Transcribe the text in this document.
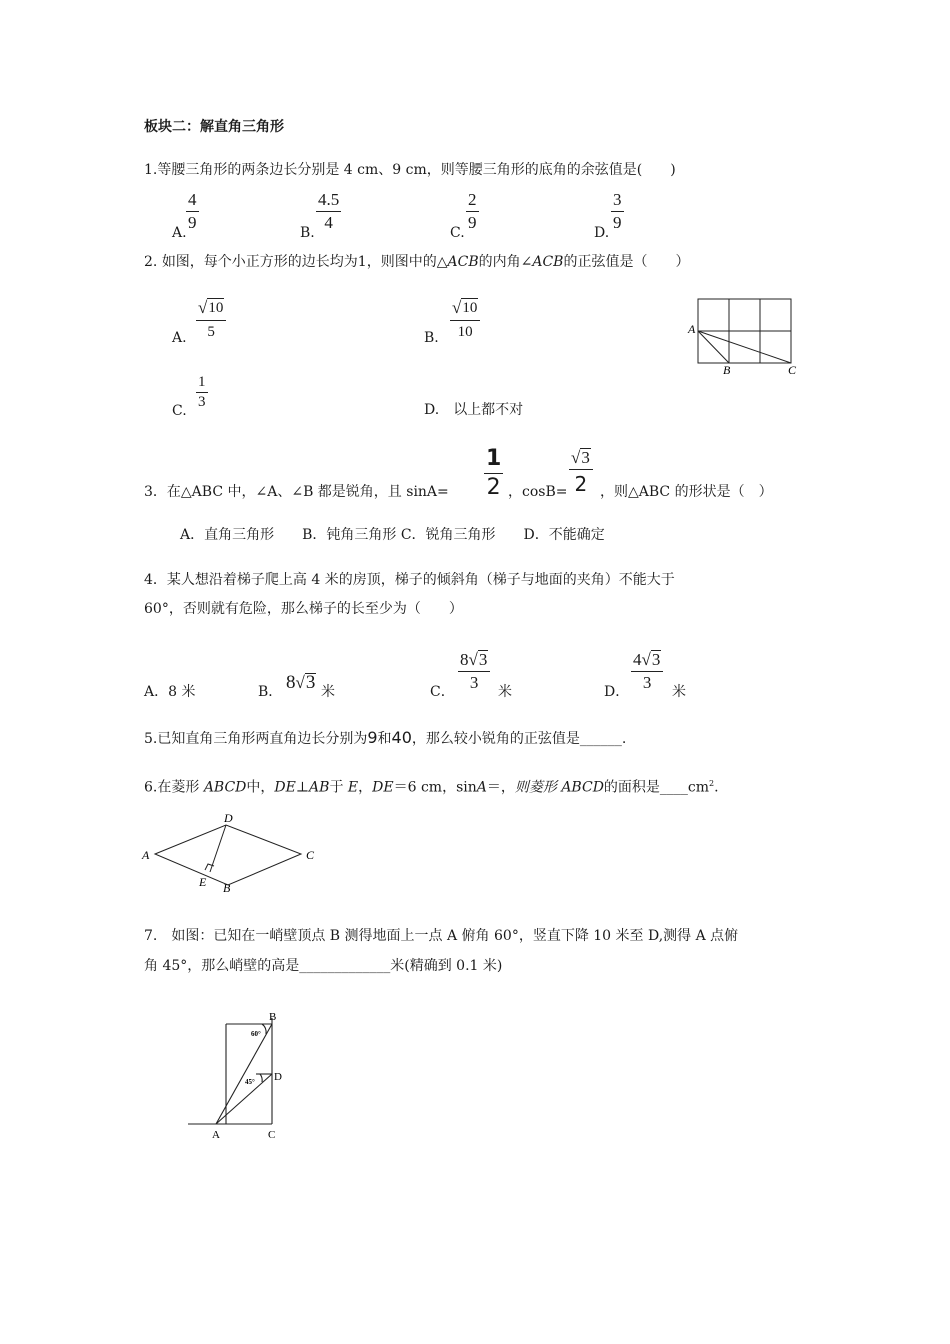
板块二：解直角三角形
1.等腰三角形的两条边长分别是 4 cm、9 cm，则等腰三角形的底角的余弦值是(　　)
A. $\frac{4}{9}$	B. $\frac{4.5}{4}$	C. $\frac{2}{9}$	D. $\frac{3}{9}$
2. 如图，每个小正方形的边长均为1，则图中的△ACB的内角∠ACB的正弦值是（　　）
A. $\frac{√ 10}{5}$	B. $\frac{√ 10}{10}$
C. $\frac{1}{3}$	D.　 以上都不对
A
B	C
3．在△ABC 中，∠A、∠B 都是锐角，且 $\sin A= \frac{1}{2}$ ，cosB=
√ 3
2 ，则△ABC 的形状是（　）
A．直角三角形　　B．钝角三角形 C．锐角三角形　　D．不能确定
4．某人想沿着梯子爬上高 4 米的房顶，梯子的倾斜角（梯子与地面的夹角）不能大于
60°，否则就有危险，那么梯子的长至少为（　　）
A．8 米	B． 8 √ 3 米	C． $\frac{8 √ 3}{3}$ 米	D． $\frac{4 √ 3}{3}$ 米
5.已知直角三角形两直角边长分别为9和40，那么较小锐角的正弦值是______.
6.在菱形 ABCD中，DE⊥AB于 E，DE＝6 cm，sinA＝，则菱形 ABCD的面积是$\_\_\_\_cm^2$.
A
D
C
B
E
7.　如图：已知在一峭壁顶点 B 测得地面上一点 A 俯角 60°，竖直下降 10 米至 D,测得 A 点俯
角 45°，那么峭壁的高是_____________米(精确到 0.1 米)
B
D
A	C
60°
45°
